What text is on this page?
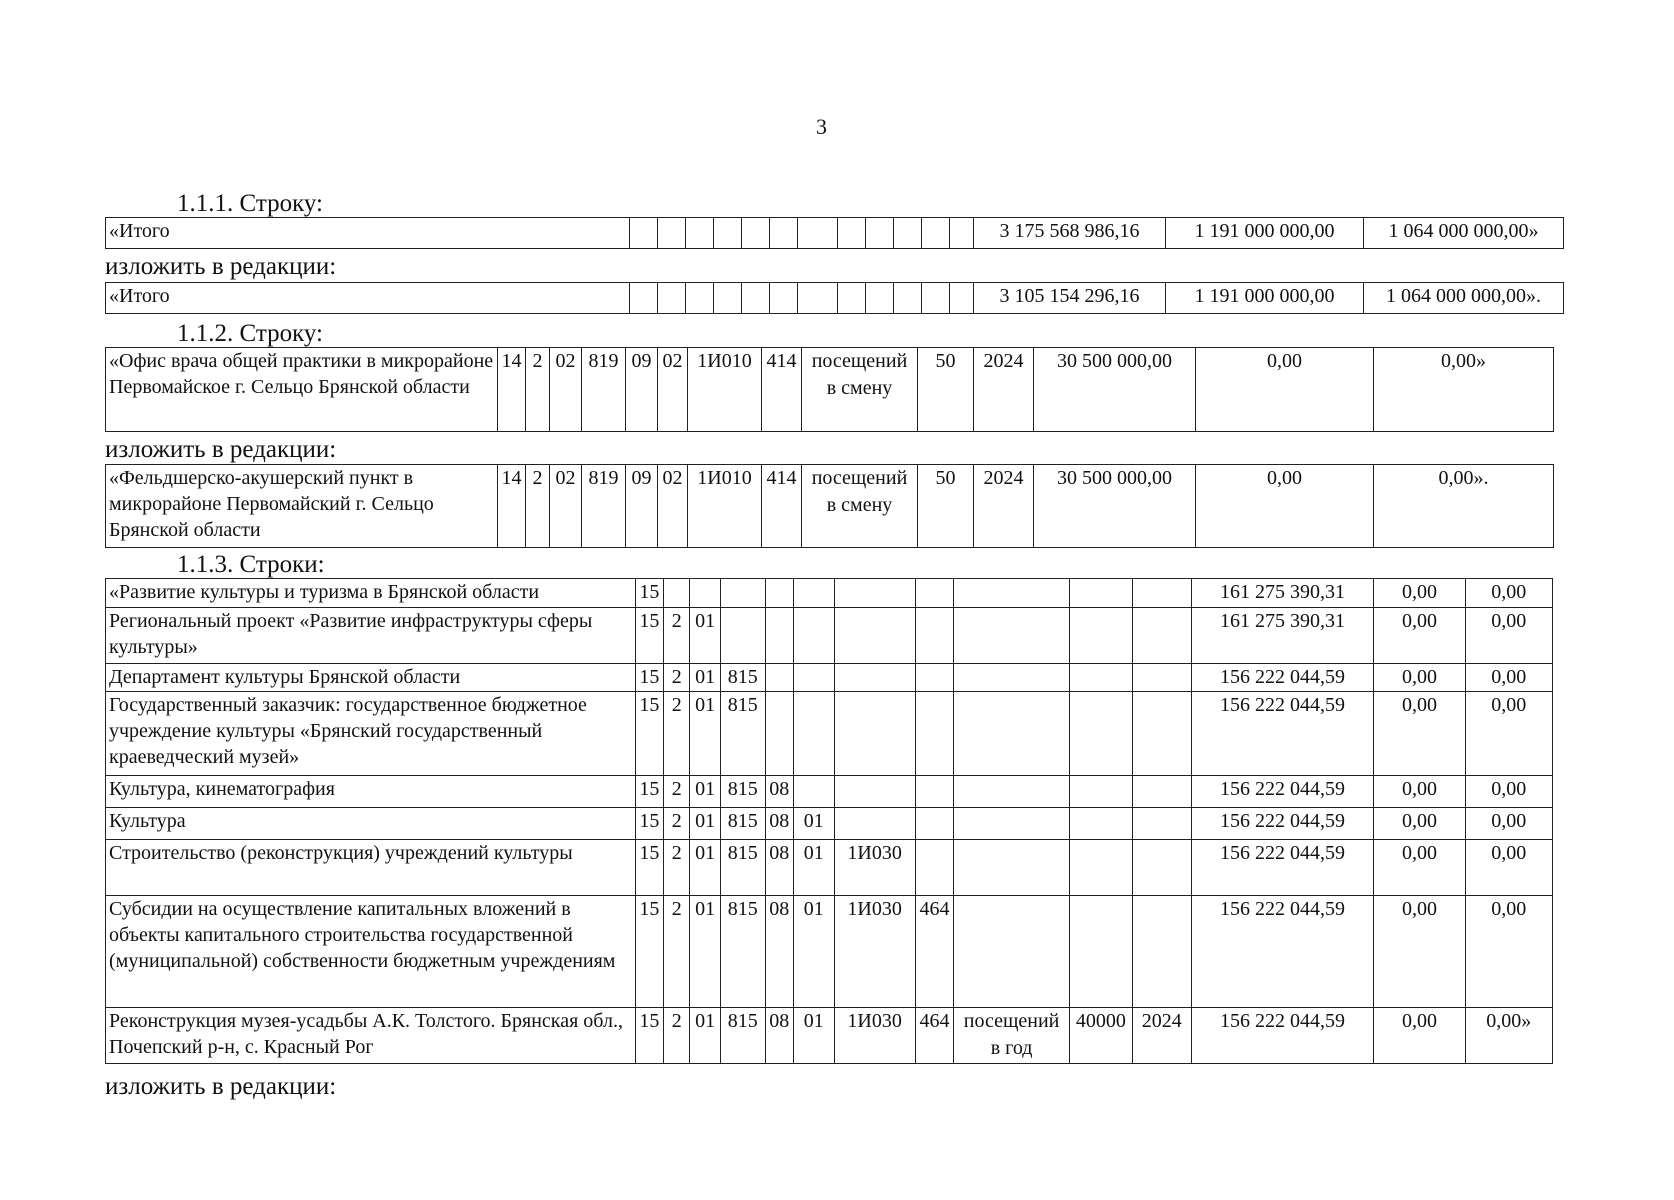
3
1.1.1. Строку:
«Итого													3 175 568 986,16	1 191 000 000,00	1 064 000 000,00»
изложить в редакции:
«Итого													3 105 154 296,16	1 191 000 000,00	1 064 000 000,00».
1.1.2. Строку:
«Офис врача общей практики в микрорайоне Первомайское г. Сельцо Брянской области	14	2	02	819	09	02	1И010	414	посещений в смену	50	2024	30 500 000,00	0,00	0,00»
изложить в редакции:
«Фельдшерско-акушерский пункт в микрорайоне Первомайский г. Сельцо Брянской области	14	2	02	819	09	02	1И010	414	посещений в смену	50	2024	30 500 000,00	0,00	0,00».
1.1.3. Строки:
«Развитие культуры и туризма в Брянской области	15											161 275 390,31	0,00	0,00
Региональный проект «Развитие инфраструктуры сферы культуры»	15	2	01									161 275 390,31	0,00	0,00
Департамент культуры Брянской области	15	2	01	815								156 222 044,59	0,00	0,00
Государственный заказчик: государственное бюджетное учреждение культуры «Брянский государственный краеведческий музей»	15	2	01	815								156 222 044,59	0,00	0,00
Культура, кинематография	15	2	01	815	08							156 222 044,59	0,00	0,00
Культура	15	2	01	815	08	01						156 222 044,59	0,00	0,00
Строительство (реконструкция) учреждений культуры	15	2	01	815	08	01	1И030					156 222 044,59	0,00	0,00
Субсидии на осуществление капитальных вложений в объекты капитального строительства государственной (муниципальной) собственности бюджетным учреждениям	15	2	01	815	08	01	1И030	464				156 222 044,59	0,00	0,00
Реконструкция музея-усадьбы А.К. Толстого. Брянская обл., Почепский р-н, с. Красный Рог	15	2	01	815	08	01	1И030	464	посещений в год	40000	2024	156 222 044,59	0,00	0,00»
изложить в редакции:
